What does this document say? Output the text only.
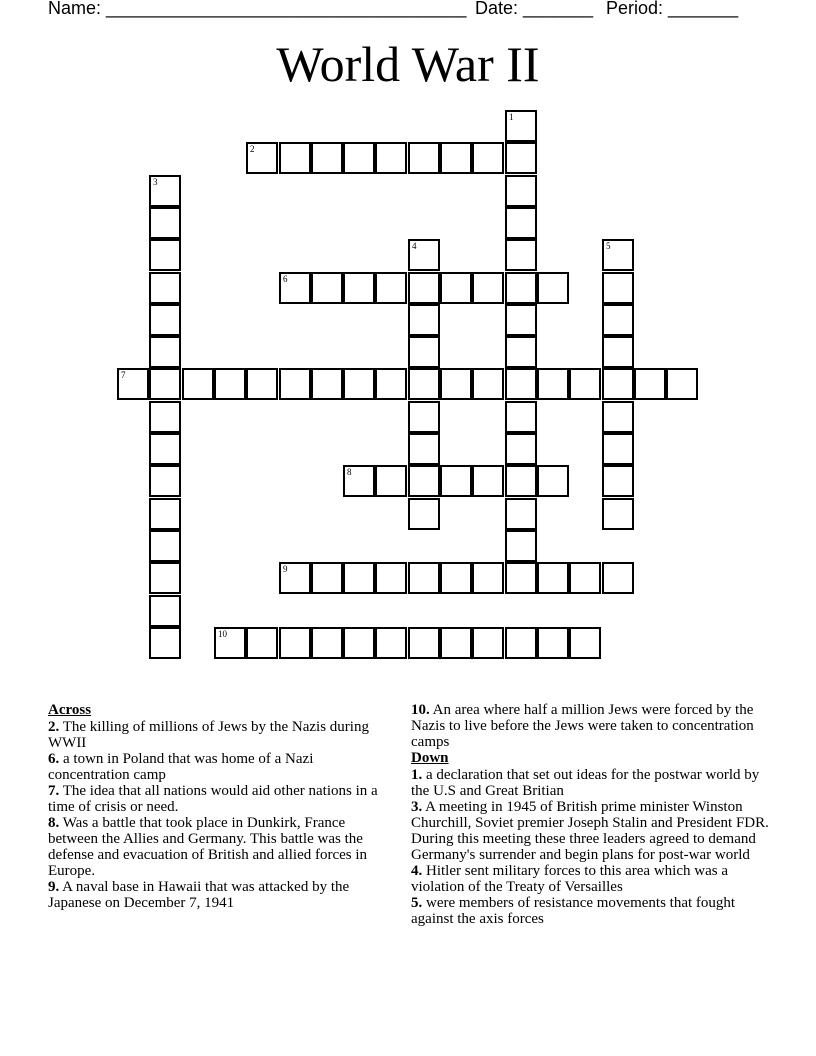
Name: ____________________________________

Date: _______

Period: _______

World War II
1
2
3
4	5
6
7
8
9
10
Across
2. The killing of millions of Jews by the Nazis during WWII
6. a town in Poland that was home of a Nazi concentration camp
7. The idea that all nations would aid other nations in a time of crisis or need.
8. Was a battle that took place in Dunkirk, France between the Allies and Germany. This battle was the defense and evacuation of British and allied forces in Europe.
9. A naval base in Hawaii that was attacked by the Japanese on December 7, 1941
10. An area where half a million Jews were forced by the Nazis to live before the Jews were taken to concentration camps
Down
1. a declaration that set out ideas for the postwar world by the U.S and Great Britian
3. A meeting in 1945 of British prime minister Winston Churchill, Soviet premier Joseph Stalin and President FDR. During this meeting these three leaders agreed to demand Germany's surrender and begin plans for post-war world
4. Hitler sent military forces to this area which was a violation of the Treaty of Versailles
5. were members of resistance movements that fought against the axis forces
